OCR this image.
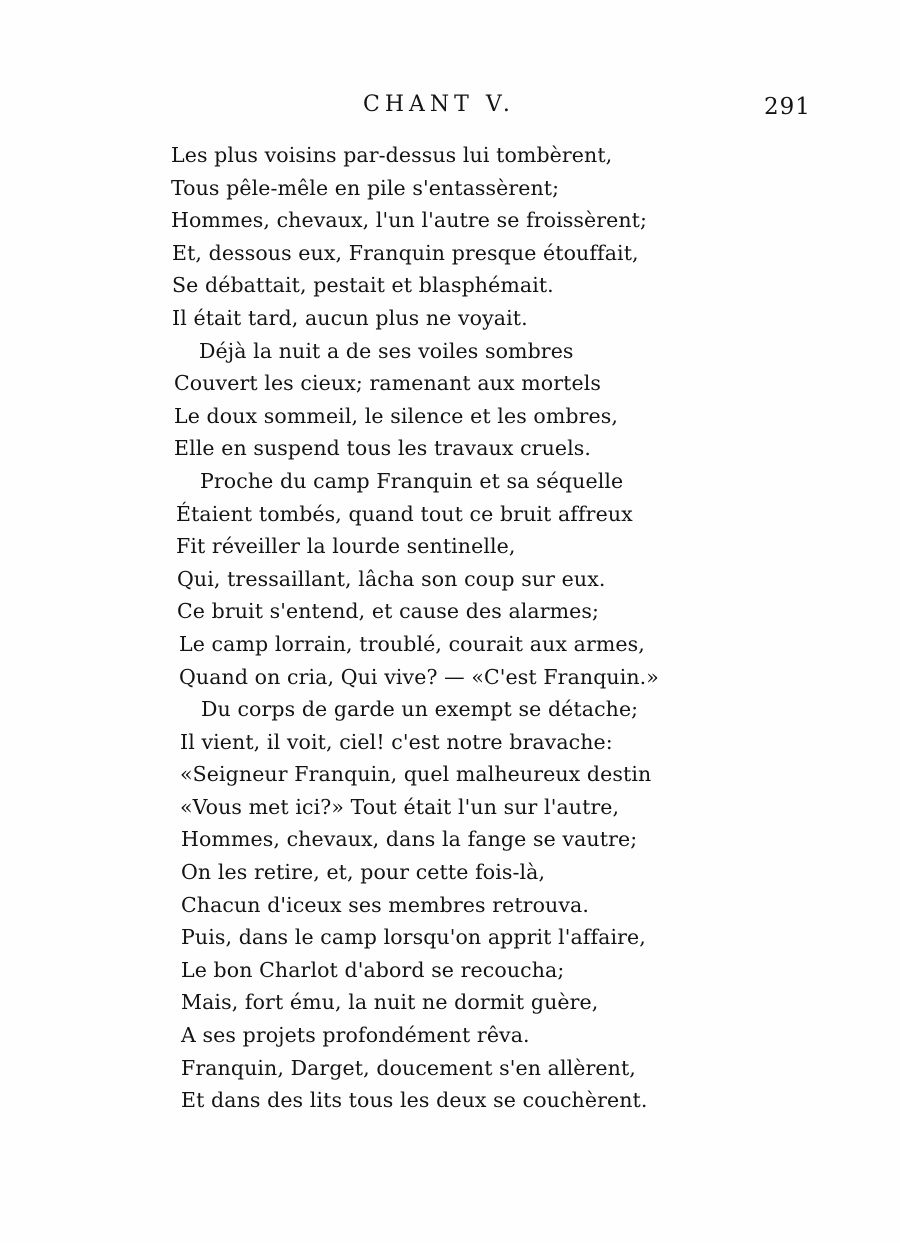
CHANT V.	291
Les plus voisins par-dessus lui tombèrent,
Tous pêle-mêle en pile s'entassèrent;
Hommes, chevaux, l'un l'autre se froissèrent;
Et, dessous eux, Franquin presque étouffait,
Se débattait, pestait et blasphémait.
Il était tard, aucun plus ne voyait.
Déjà la nuit a de ses voiles sombres
Couvert les cieux; ramenant aux mortels
Le doux sommeil, le silence et les ombres,
Elle en suspend tous les travaux cruels.
Proche du camp Franquin et sa séquelle
Étaient tombés, quand tout ce bruit affreux
Fit réveiller la lourde sentinelle,
Qui, tressaillant, lâcha son coup sur eux.
Ce bruit s'entend, et cause des alarmes;
Le camp lorrain, troublé, courait aux armes,
Quand on cria, Qui vive? — «C'est Franquin.»
Du corps de garde un exempt se détache;
Il vient, il voit, ciel! c'est notre bravache:
«Seigneur Franquin, quel malheureux destin
«Vous met ici?» Tout était l'un sur l'autre,
Hommes, chevaux, dans la fange se vautre;
On les retire, et, pour cette fois-là,
Chacun d'iceux ses membres retrouva.
Puis, dans le camp lorsqu'on apprit l'affaire,
Le bon Charlot d'abord se recoucha;
Mais, fort ému, la nuit ne dormit guère,
A ses projets profondément rêva.
Franquin, Darget, doucement s'en allèrent,
Et dans des lits tous les deux se couchèrent.
